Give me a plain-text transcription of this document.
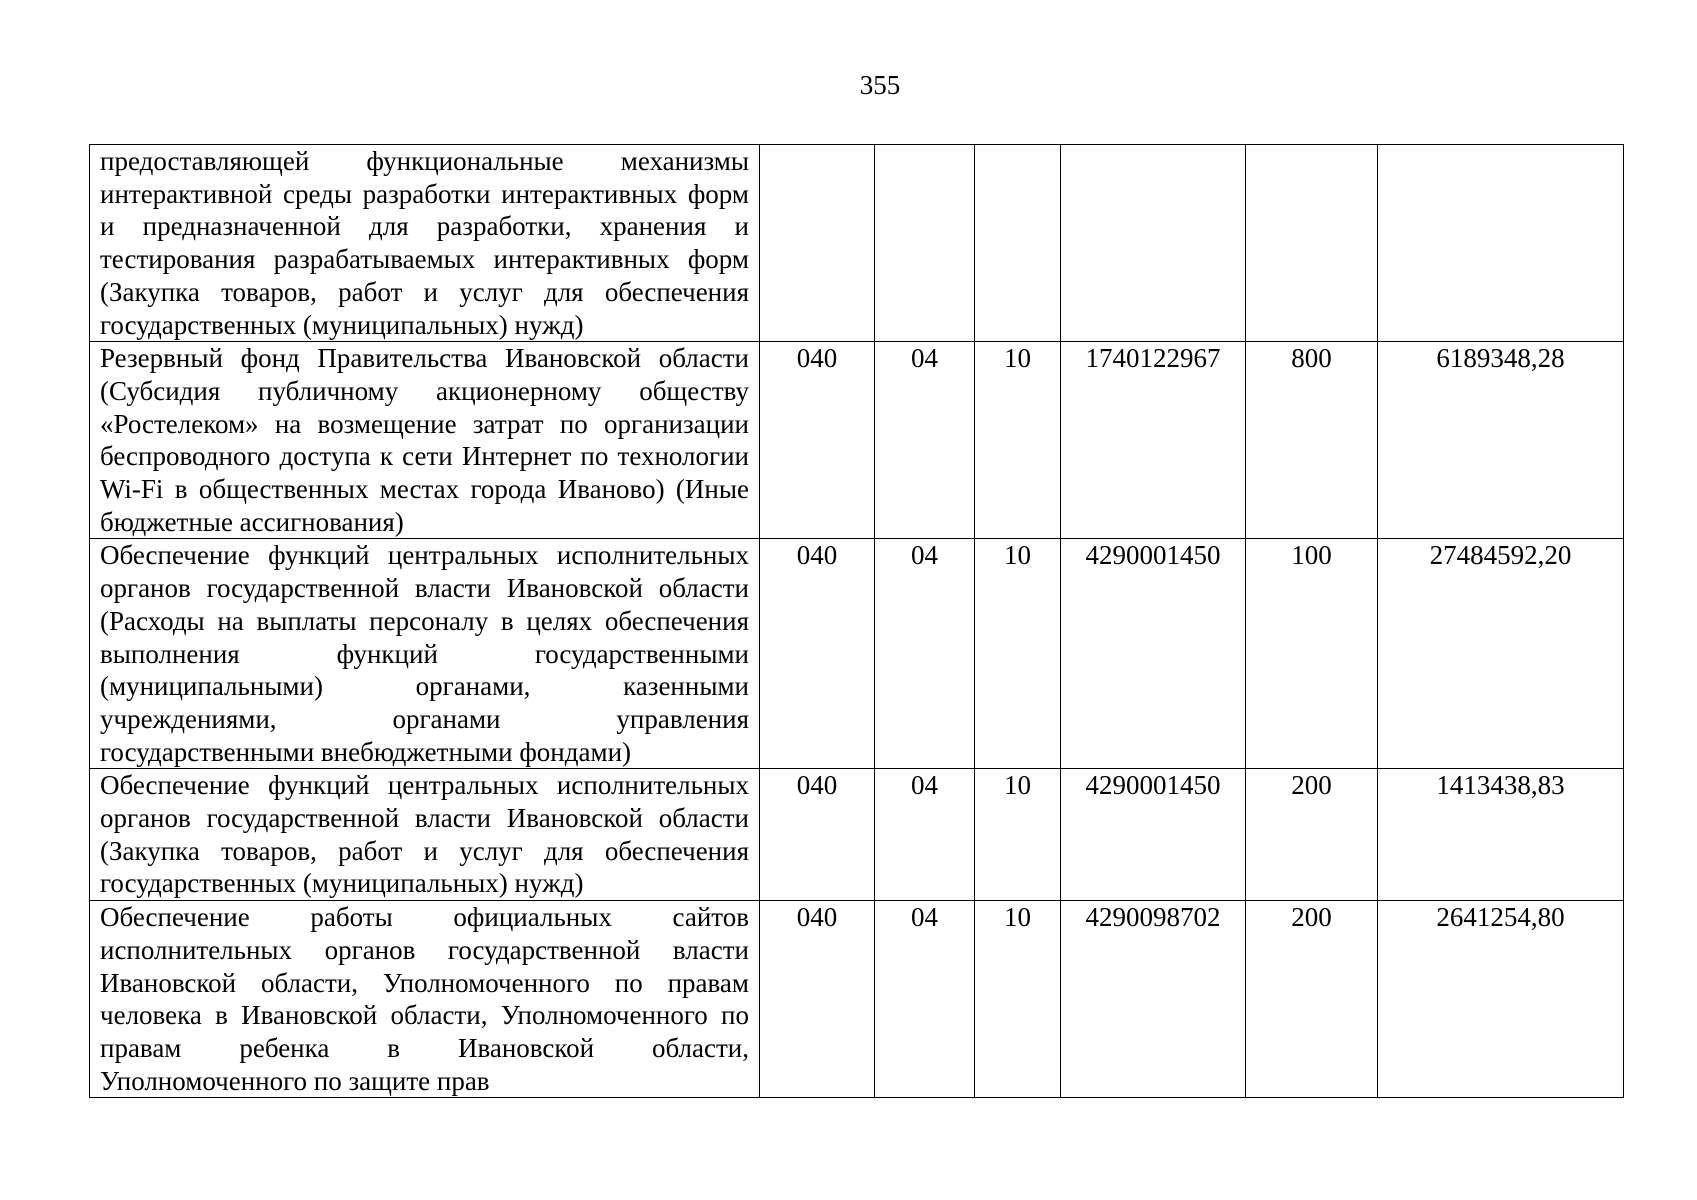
355
предоставляющей функциональные механизмы интерактивной среды разработки интерактивных форм и предназначенной для разработки, хранения и тестирования разрабатываемых интерактивных форм (Закупка товаров, работ и услуг для обеспечения государственных (муниципальных) нужд)						
Резервный фонд Правительства Ивановской области (Субсидия публичному акционерному обществу «Ростелеком» на возмещение затрат по организации беспроводного доступа к сети Интернет по технологии Wi-Fi в общественных местах города Иваново) (Иные бюджетные ассигнования)	040	04	10	1740122967	800	6189348,28
Обеспечение функций центральных исполнительных органов государственной власти Ивановской области (Расходы на выплаты персоналу в целях обеспечения выполнения функций государственными (муниципальными) органами, казенными учреждениями, органами управления государственными внебюджетными фондами)	040	04	10	4290001450	100	27484592,20
Обеспечение функций центральных исполнительных органов государственной власти Ивановской области (Закупка товаров, работ и услуг для обеспечения государственных (муниципальных) нужд)	040	04	10	4290001450	200	1413438,83
Обеспечение работы официальных сайтов исполнительных органов государственной власти Ивановской области, Уполномоченного по правам человека в Ивановской области, Уполномоченного по правам ребенка в Ивановской области, Уполномоченного по защите прав	040	04	10	4290098702	200	2641254,80
